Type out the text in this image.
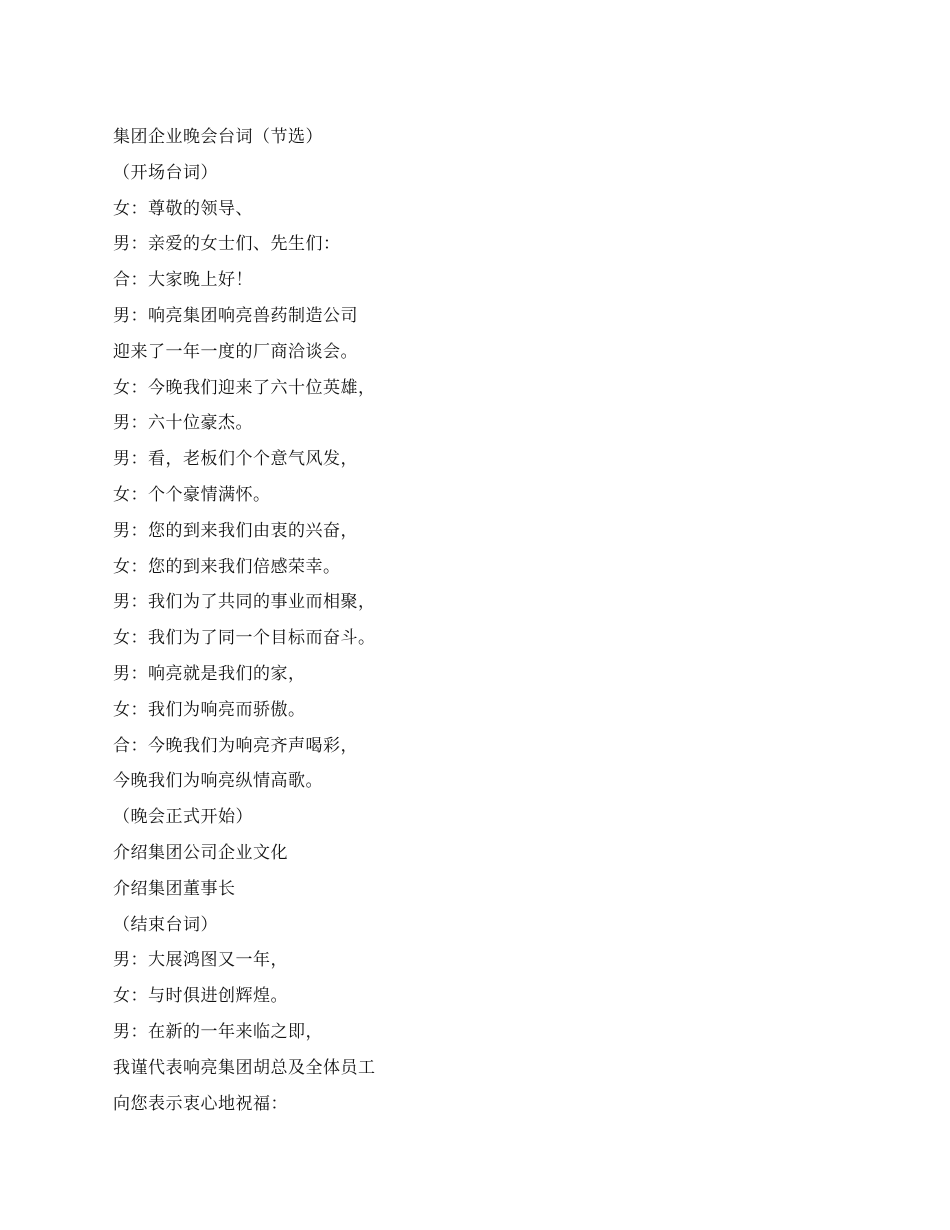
集团企业晚会台词（节选）
（开场台词）
女：尊敬的领导、
男：亲爱的女士们、先生们：
合：大家晚上好！
男：响亮集团响亮兽药制造公司
迎来了一年一度的厂商洽谈会。
女：今晚我们迎来了六十位英雄，
男：六十位豪杰。
男：看，老板们个个意气风发，
女：个个豪情满怀。
男：您的到来我们由衷的兴奋，
女：您的到来我们倍感荣幸。
男：我们为了共同的事业而相聚，
女：我们为了同一个目标而奋斗。
男：响亮就是我们的家，
女：我们为响亮而骄傲。
合：今晚我们为响亮齐声喝彩，
今晚我们为响亮纵情高歌。
（晚会正式开始）
介绍集团公司企业文化
介绍集团董事长
（结束台词）
男：大展鸿图又一年，
女：与时俱进创辉煌。
男：在新的一年来临之即，
我谨代表响亮集团胡总及全体员工
向您表示衷心地祝福：
